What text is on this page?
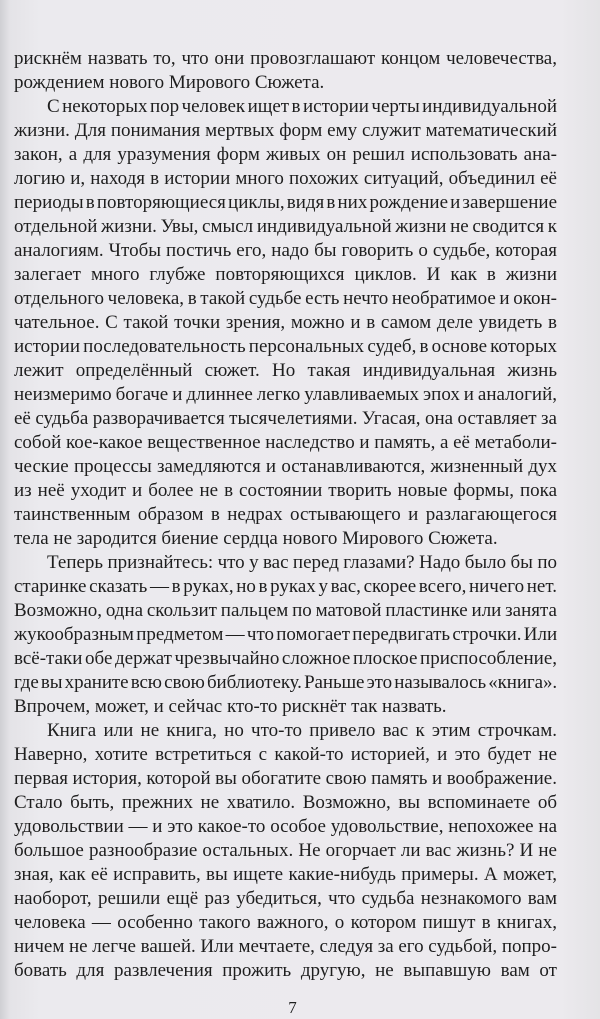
рискнём назвать то, что они провозглашают концом человечества,
рождением нового Мирового Сюжета.
С некоторых пор человек ищет в истории черты индивидуальной
жизни. Для понимания мертвых форм ему служит математический
закон, а для уразумения форм живых он решил использовать ана-
логию и, находя в истории много похожих ситуаций, объединил её
периоды в повторяющиеся циклы, видя в них рождение и завершение
отдельной жизни. Увы, смысл индивидуальной жизни не сводится к
аналогиям. Чтобы постичь его, надо бы говорить о судьбе, которая
залегает много глубже повторяющихся циклов. И как в жизни
отдельного человека, в такой судьбе есть нечто необратимое и окон-
чательное. С такой точки зрения, можно и в самом деле увидеть в
истории последовательность персональных судеб, в основе которых
лежит определённый сюжет. Но такая индивидуальная жизнь
неизмеримо богаче и длиннее легко улавливаемых эпох и аналогий,
её судьба разворачивается тысячелетиями. Угасая, она оставляет за
собой кое-какое вещественное наследство и память, а её метаболи-
ческие процессы замедляются и останавливаются, жизненный дух
из неё уходит и более не в состоянии творить новые формы, пока
таинственным образом в недрах остывающего и разлагающегося
тела не зародится биение сердца нового Мирового Сюжета.
Теперь признайтесь: что у вас перед глазами? Надо было бы по
старинке сказать — в руках, но в руках у вас, скорее всего, ничего нет.
Возможно, одна скользит пальцем по матовой пластинке или занята
жукообразным предметом — что помогает передвигать строчки. Или
всё-таки обе держат чрезвычайно сложное плоское приспособление,
где вы храните всю свою библиотеку. Раньше это называлось «книга».
Впрочем, может, и сейчас кто-то рискнёт так назвать.
Книга или не книга, но что-то привело вас к этим строчкам.
Наверно, хотите встретиться с какой-то историей, и это будет не
первая история, которой вы обогатите свою память и воображение.
Стало быть, прежних не хватило. Возможно, вы вспоминаете об
удовольствии — и это какое-то особое удовольствие, непохожее на
большое разнообразие остальных. Не огорчает ли вас жизнь? И не
зная, как её исправить, вы ищете какие-нибудь примеры. А может,
наоборот, решили ещё раз убедиться, что судьба незнакомого вам
человека — особенно такого важного, о котором пишут в книгах,
ничем не легче вашей. Или мечтаете, следуя за его судьбой, попро-
бовать для развлечения прожить другую, не выпавшую вам от
7
